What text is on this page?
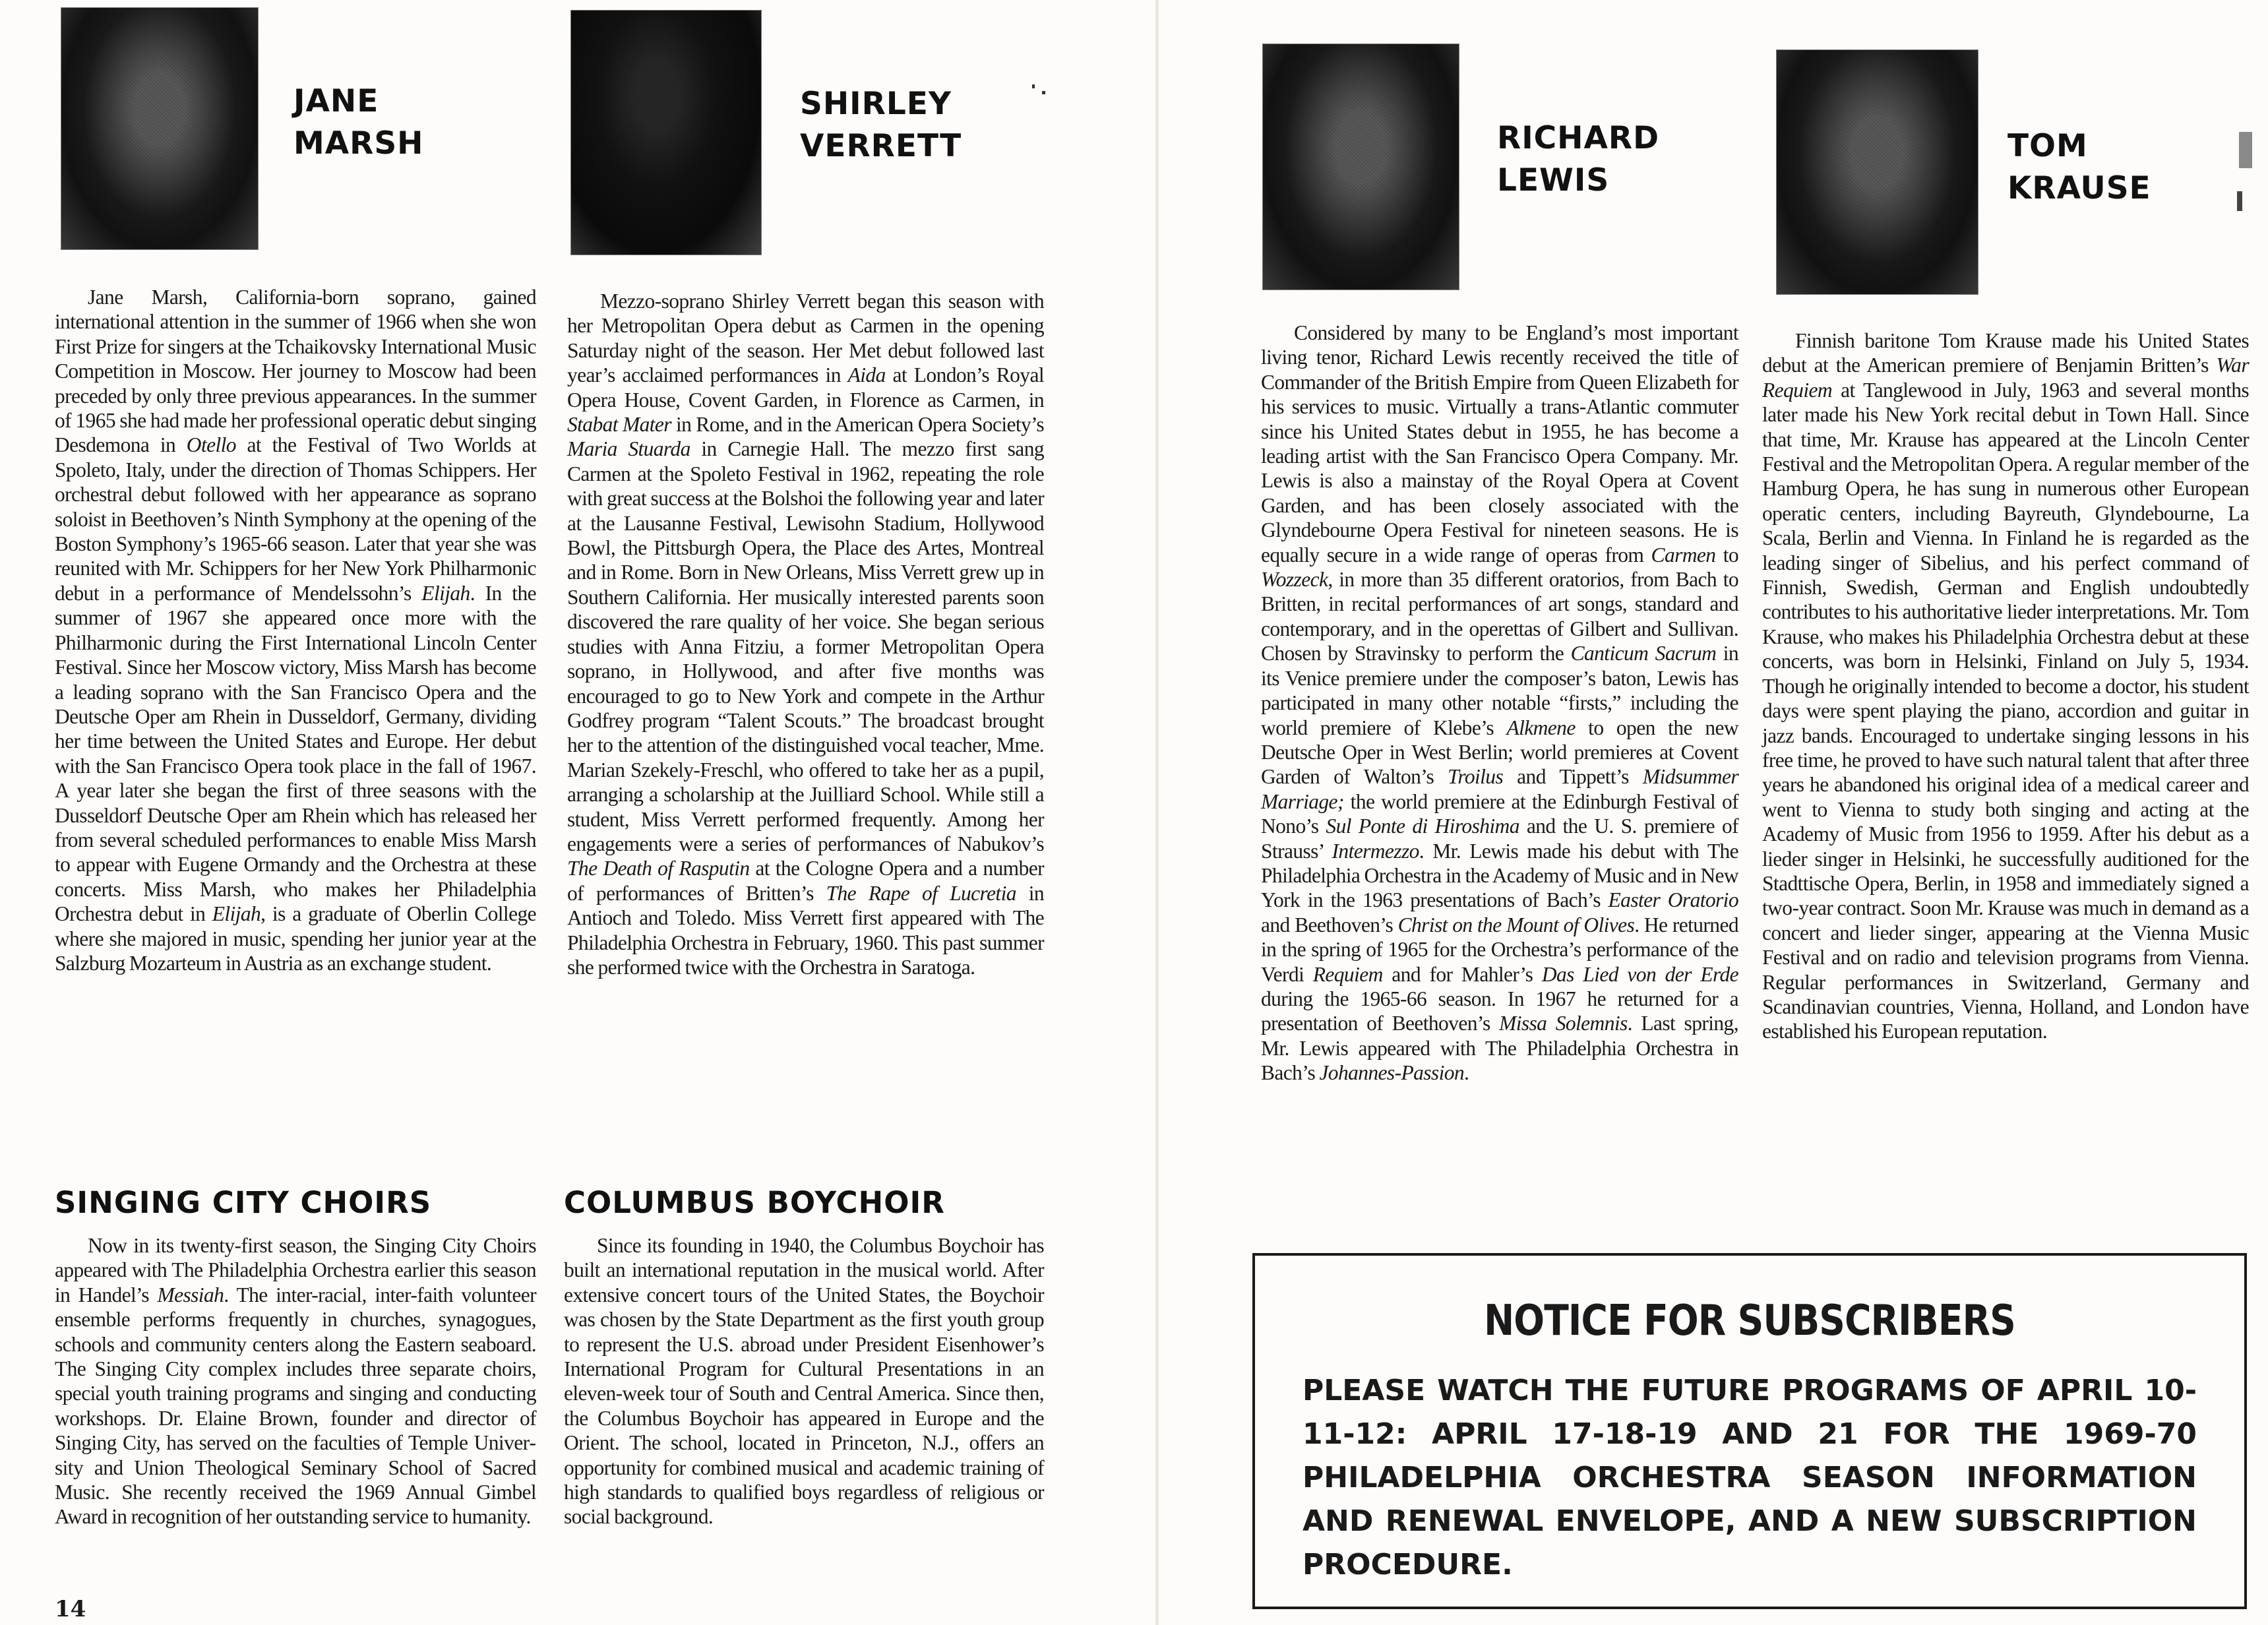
JANE
MARSH
SHIRLEY
VERRETT

Jane Marsh, California-born soprano, gained international attention in the summer of 1966 when she won First Prize for singers at the Tchaikovsky International Music Competition in Moscow. Her journey to Moscow had been preceded by only three previous appearances. In the summer of 1965 she had made her professional operatic debut singing Desdemona in Otello at the Festival of Two Worlds at Spoleto, Italy, under the direction of Thomas Schippers. Her orchestral debut followed with her appearance as soprano soloist in Beethoven’s Ninth Symphony at the opening of the Boston Symphony’s 1965-66 season. Later that year she was reunited with Mr. Schippers for her New York Philharmonic debut in a performance of Mendelssohn’s Elijah. In the summer of 1967 she appeared once more with the Philharmonic during the First International Lincoln Center Festival. Since her Moscow victory, Miss Marsh has become a leading soprano with the San Francisco Opera and the Deutsche Oper am Rhein in Dusseldorf, Germany, dividing her time between the United States and Europe. Her debut with the San Francisco Opera took place in the fall of 1967. A year later she began the first of three seasons with the Dusseldorf Deutsche Oper am Rhein which has released her from several scheduled performances to enable Miss Marsh to appear with Eugene Ormandy and the Orchestra at these concerts. Miss Marsh, who makes her Philadelphia Orchestra debut in Elijah, is a graduate of Oberlin College where she majored in music, spending her junior year at the Salzburg Mozarteum in Austria as an exchange student.

Mezzo-soprano Shirley Verrett began this season with her Metropolitan Opera debut as Carmen in the opening Saturday night of the season. Her Met debut followed last year’s acclaimed performances in Aida at London’s Royal Opera House, Covent Garden, in Florence as Carmen, in Stabat Mater in Rome, and in the American Opera Society’s Maria Stuarda in Carnegie Hall. The mezzo first sang Carmen at the Spoleto Festival in 1962, repeating the role with great success at the Bolshoi the following year and later at the Lausanne Festival, Lewisohn Stadium, Hollywood Bowl, the Pittsburgh Opera, the Place des Artes, Montreal and in Rome. Born in New Orleans, Miss Verrett grew up in Southern California. Her musically interested parents soon discovered the rare quality of her voice. She began serious studies with Anna Fitziu, a former Metropolitan Opera soprano, in Hollywood, and after five months was encouraged to go to New York and compete in the Arthur Godfrey program “Talent Scouts.” The broadcast brought her to the attention of the distinguished vocal teacher, Mme. Marian Szekely-Freschl, who offered to take her as a pupil, arranging a scholarship at the Juilliard School. While still a student, Miss Verrett performed frequently. Among her engagements were a series of performances of Nabukov’s The Death of Rasputin at the Cologne Opera and a number of performances of Britten’s The Rape of Lucretia in Antioch and Toledo. Miss Verrett first appeared with The Philadelphia Orchestra in February, 1960. This past summer she performed twice with the Orchestra in Saratoga.

SINGING CITY CHOIRS

Now in its twenty-first season, the Singing City Choirs appeared with The Philadelphia Orchestra earlier this season in Handel’s Messiah. The inter-racial, inter-faith volunteer ensemble performs frequently in churches, synagogues, schools and community centers along the Eastern seaboard. The Singing City complex includes three separate choirs, special youth training programs and singing and conducting workshops. Dr. Elaine Brown, founder and director of Singing City, has served on the faculties of Temple University and Union Theological Seminary School of Sacred Music. She recently received the 1969 Annual Gimbel Award in recognition of her outstanding service to humanity.

COLUMBUS BOYCHOIR

Since its founding in 1940, the Columbus Boychoir has built an international reputation in the musical world. After extensive concert tours of the United States, the Boychoir was chosen by the State Department as the first youth group to represent the U.S. abroad under President Eisenhower’s International Program for Cultural Presentations in an eleven-week tour of South and Central America. Since then, the Columbus Boychoir has appeared in Europe and the Orient. The school, located in Princeton, N.J., offers an opportunity for combined musical and academic training of high standards to qualified boys regardless of religious or social background.

14
RICHARD
LEWIS
TOM
KRAUSE

Considered by many to be England’s most important living tenor, Richard Lewis recently received the title of Commander of the British Empire from Queen Elizabeth for his services to music. Virtually a trans-Atlantic commuter since his United States debut in 1955, he has become a leading artist with the San Francisco Opera Company. Mr. Lewis is also a mainstay of the Royal Opera at Covent Garden, and has been closely associated with the Glyndebourne Opera Festival for nineteen seasons. He is equally secure in a wide range of operas from Carmen to Wozzeck, in more than 35 different oratorios, from Bach to Britten, in recital performances of art songs, standard and contemporary, and in the operettas of Gilbert and Sullivan. Chosen by Stravinsky to perform the Canticum Sacrum in its Venice premiere under the composer’s baton, Lewis has participated in many other notable “firsts,” including the world premiere of Klebe’s Alkmene to open the new Deutsche Oper in West Berlin; world premieres at Covent Garden of Walton’s Troilus and Tippett’s Midsummer Marriage; the world premiere at the Edinburgh Festival of Nono’s Sul Ponte di Hiroshima and the U. S. premiere of Strauss’ Intermezzo. Mr. Lewis made his debut with The Philadelphia Orchestra in the Academy of Music and in New York in the 1963 presentations of Bach’s Easter Oratorio and Beethoven’s Christ on the Mount of Olives. He returned in the spring of 1965 for the Orchestra’s performance of the Verdi Requiem and for Mahler’s Das Lied von der Erde during the 1965-66 season. In 1967 he returned for a presentation of Beethoven’s Missa Solemnis. Last spring, Mr. Lewis appeared with The Philadelphia Orchestra in Bach’s Johannes-Passion.

Finnish baritone Tom Krause made his United States debut at the American premiere of Benjamin Britten’s War Requiem at Tanglewood in July, 1963 and several months later made his New York recital debut in Town Hall. Since that time, Mr. Krause has appeared at the Lincoln Center Festival and the Metropolitan Opera. A regular member of the Hamburg Opera, he has sung in numerous other European operatic centers, including Bayreuth, Glyndebourne, La Scala, Berlin and Vienna. In Finland he is regarded as the leading singer of Sibelius, and his perfect command of Finnish, Swedish, German and English undoubtedly contributes to his authoritative lieder interpretations. Mr. Tom Krause, who makes his Philadelphia Orchestra debut at these concerts, was born in Helsinki, Finland on July 5, 1934. Though he originally intended to become a doctor, his student days were spent playing the piano, accordion and guitar in jazz bands. Encouraged to undertake singing lessons in his free time, he proved to have such natural talent that after three years he abandoned his original idea of a medical career and went to Vienna to study both singing and acting at the Academy of Music from 1956 to 1959. After his debut as a lieder singer in Helsinki, he successfully auditioned for the Stadttische Opera, Berlin, in 1958 and immediately signed a two-year contract. Soon Mr. Krause was much in demand as a concert and lieder singer, appearing at the Vienna Music Festival and on radio and television programs from Vienna. Regular performances in Switzerland, Germany and Scandinavian countries, Vienna, Holland, and London have established his European reputation.

NOTICE FOR SUBSCRIBERS
PLEASE WATCH THE FUTURE PROGRAMS OF APRIL 10-11-12: APRIL 17-18-19 AND 21 FOR THE 1969-70 PHILADELPHIA ORCHESTRA SEASON INFORMATION AND RENEWAL ENVELOPE, AND A NEW SUBSCRIPTION PROCEDURE.
